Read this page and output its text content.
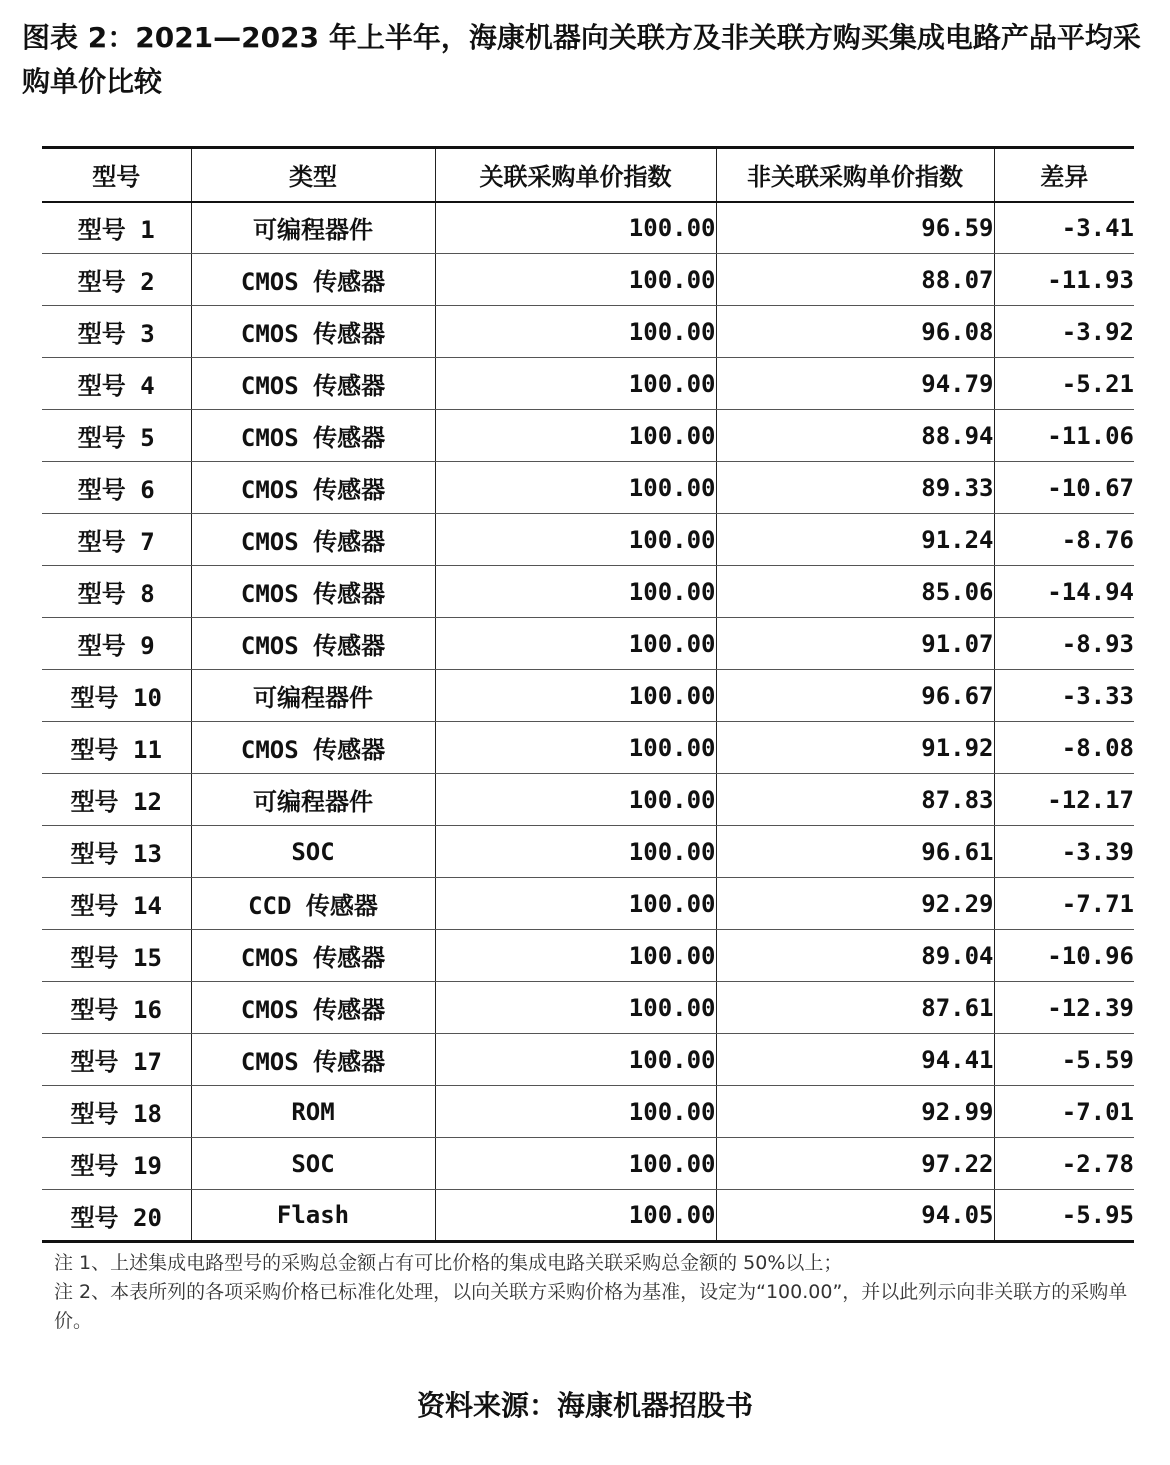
图表 2：2021—2023 年上半年，海康机器向关联方及非关联方购买集成电路产品平均采购单价比较
型号	类型	关联采购单价指数	非关联采购单价指数	差异
型号 1	可编程器件	100.00	96.59	-3.41
型号 2	CMOS 传感器	100.00	88.07	-11.93
型号 3	CMOS 传感器	100.00	96.08	-3.92
型号 4	CMOS 传感器	100.00	94.79	-5.21
型号 5	CMOS 传感器	100.00	88.94	-11.06
型号 6	CMOS 传感器	100.00	89.33	-10.67
型号 7	CMOS 传感器	100.00	91.24	-8.76
型号 8	CMOS 传感器	100.00	85.06	-14.94
型号 9	CMOS 传感器	100.00	91.07	-8.93
型号 10	可编程器件	100.00	96.67	-3.33
型号 11	CMOS 传感器	100.00	91.92	-8.08
型号 12	可编程器件	100.00	87.83	-12.17
型号 13	SOC	100.00	96.61	-3.39
型号 14	CCD 传感器	100.00	92.29	-7.71
型号 15	CMOS 传感器	100.00	89.04	-10.96
型号 16	CMOS 传感器	100.00	87.61	-12.39
型号 17	CMOS 传感器	100.00	94.41	-5.59
型号 18	ROM	100.00	92.99	-7.01
型号 19	SOC	100.00	97.22	-2.78
型号 20	Flash	100.00	94.05	-5.95

注 1、上述集成电路型号的采购总金额占有可比价格的集成电路关联采购总金额的 50%以上；

注 2、本表所列的各项采购价格已标准化处理，以向关联方采购价格为基准，设定为“100.00”，并以此列示向非关联方的采购单价。

资料来源：海康机器招股书
